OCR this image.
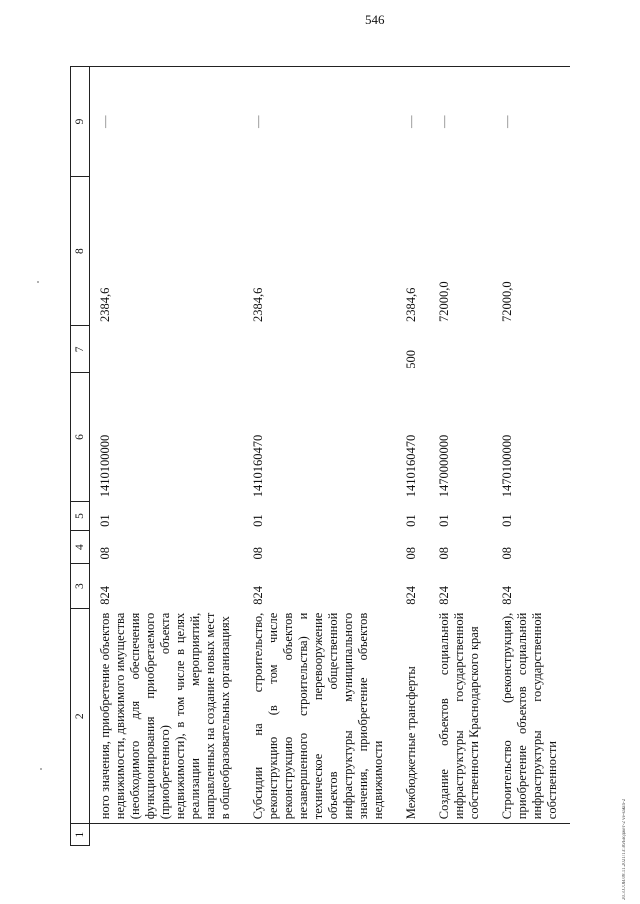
546
20.3.СОВ.08.11.2021/13:36/Бюджет-2 ve-sakin-2
1	2	3	4	5	6	7	8	9
	ного значения, приобретение объектов недвижимости, движимого имущества (необходимого для обеспечения функционирования приобретаемого (приобретенного) объекта недвижимости), в том числе в целях реализации мероприятий, направленных на создание новых мест в общеобразовательных организациях	824	08	01	1410100000		2384,6	—
	Субсидии на строительство, реконструкцию (в том числе реконструкцию объектов незавершенного строительства) и техническое перевооружение объектов общественной инфраструктуры муниципального значения, приобретение объектов недвижимости	824	08	01	1410160470		2384,6	—
	Межбюджетные трансферты	824	08	01	1410160470	500	2384,6	—
	Создание объектов социальной инфраструктуры государственной собственности Краснодарского края	824	08	01	1470000000		72000,0	—
	Строительство (реконструкция), приобретение объектов социальной инфраструктуры государственной собственности	824	08	01	1470100000		72000,0	—
